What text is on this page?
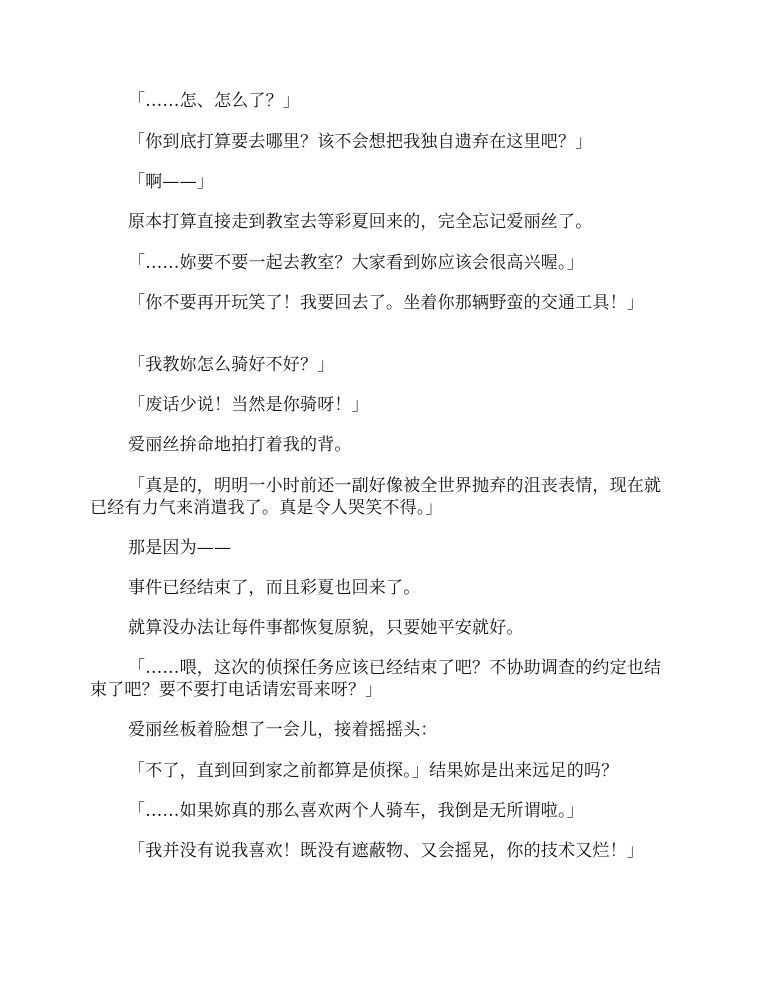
「……怎、怎么了？」

「你到底打算要去哪里？该不会想把我独自遗弃在这里吧？」

「啊——」

原本打算直接走到教室去等彩夏回来的，完全忘记爱丽丝了。

「……妳要不要一起去教室？大家看到妳应该会很高兴喔。」

「你不要再开玩笑了！我要回去了。坐着你那辆野蛮的交通工具！」

「我教妳怎么骑好不好？」

「废话少说！当然是你骑呀！」

爱丽丝拚命地拍打着我的背。

「真是的，明明一小时前还一副好像被全世界抛弃的沮丧表情，现在就已经有力气来消遣我了。真是令人哭笑不得。」

那是因为——

事件已经结束了，而且彩夏也回来了。

就算没办法让每件事都恢复原貌，只要她平安就好。

「……喂，这次的侦探任务应该已经结束了吧？不协助调查的约定也结束了吧？要不要打电话请宏哥来呀？」

爱丽丝板着脸想了一会儿，接着摇摇头：

「不了，直到回到家之前都算是侦探。」结果妳是出来远足的吗？

「……如果妳真的那么喜欢两个人骑车，我倒是无所谓啦。」

「我并没有说我喜欢！既没有遮蔽物、又会摇晃，你的技术又烂！」
